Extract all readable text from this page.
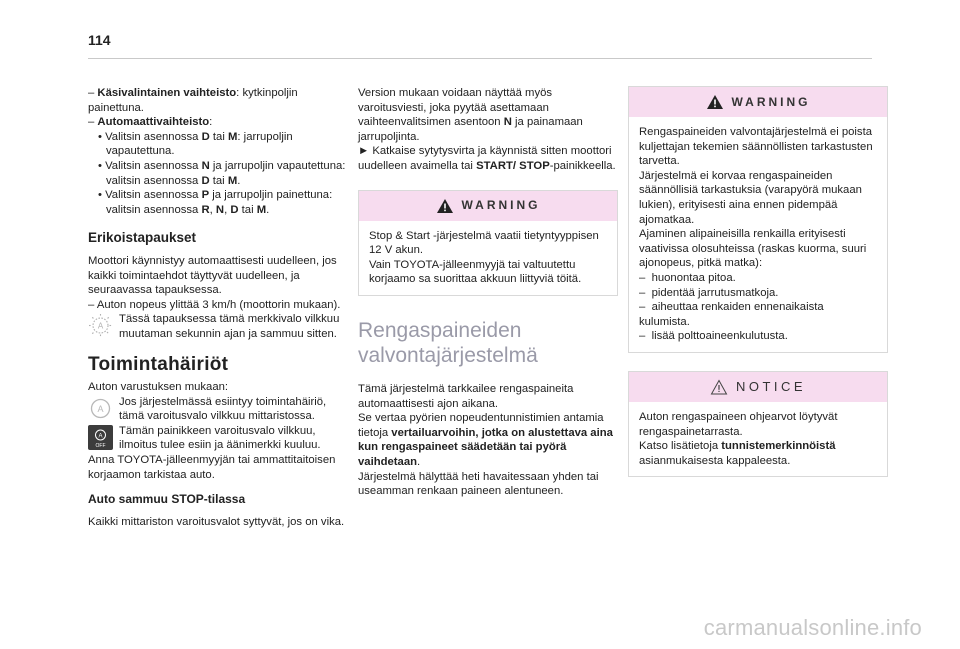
114

– Käsivalintainen vaihteisto: kytkinpoljin painettuna.

– Automaattivaihteisto:

• Valitsin asennossa D tai M: jarrupoljin vapautettuna.

• Valitsin asennossa N ja jarrupoljin vapautettuna: valitsin asennossa D tai M.

• Valitsin asennossa P ja jarrupoljin painettuna: valitsin asennossa R, N, D tai M.

Erikoistapaukset

Moottori käynnistyy automaattisesti uudelleen, jos kaikki toimintaehdot täyttyvät uudelleen, ja seuraavassa tapauksessa.

– Auton nopeus ylittää 3 km/h (moottorin mukaan).

A
Tässä tapauksessa tämä merkkivalo vilkkuu muutaman sekunnin ajan ja sammuu sitten.
Toimintahäiriöt

Auton varustuksen mukaan:

A
Jos järjestelmässä esiintyy toimintahäiriö, tämä varoitusvalo vilkkuu mittaristossa.
A
OFF
Tämän painikkeen varoitusvalo vilkkuu, ilmoitus tulee esiin ja äänimerkki kuuluu.

Anna TOYOTA-jälleenmyyjän tai ammattitaitoisen korjaamon tarkistaa auto.

Auto sammuu STOP-tilassa

Kaikki mittariston varoitusvalot syttyvät, jos on vika.

Version mukaan voidaan näyttää myös varoitusviesti, joka pyytää asettamaan vaihteenvalitsimen asentoon N ja painamaan jarrupoljinta.

► Katkaise sytytysvirta ja käynnistä sitten moottori uudelleen avaimella tai START/ STOP-painikkeella.

WARNING

Stop & Start -järjestelmä vaatii tietyntyyppisen 12 V akun.

Vain TOYOTA-jälleenmyyjä tai valtuutettu korjaamo sa suorittaa akkuun liittyviä töitä.

Rengaspaineiden valvontajärjestelmä

Tämä järjestelmä tarkkailee rengaspaineita automaattisesti ajon aikana.

Se vertaa pyörien nopeudentunnistimien antamia tietoja vertailuarvoihin, jotka on alustettava aina kun rengaspaineet säädetään tai pyörä vaihdetaan.

Järjestelmä hälyttää heti havaitessaan yhden tai useamman renkaan paineen alentuneen.

WARNING

Rengaspaineiden valvontajärjestelmä ei poista kuljettajan tekemien säännöllisten tarkastusten tarvetta.

Järjestelmä ei korvaa rengaspaineiden säännöllisiä tarkastuksia (varapyörä mukaan lukien), erityisesti aina ennen pidempää ajomatkaa.

Ajaminen alipaineisilla renkailla erityisesti vaativissa olosuhteissa (raskas kuorma, suuri ajonopeus, pitkä matka):

–  huonontaa pitoa.

–  pidentää jarrutusmatkoja.

–  aiheuttaa renkaiden ennenaikaista kulumista.

–  lisää polttoaineenkulutusta.

NOTICE

Auton rengaspaineen ohjearvot löytyvät rengaspainetarrasta.

Katso lisätietoja tunnistemerkinnöistä asianmukaisesta kappaleesta.

carmanualsonline.info
